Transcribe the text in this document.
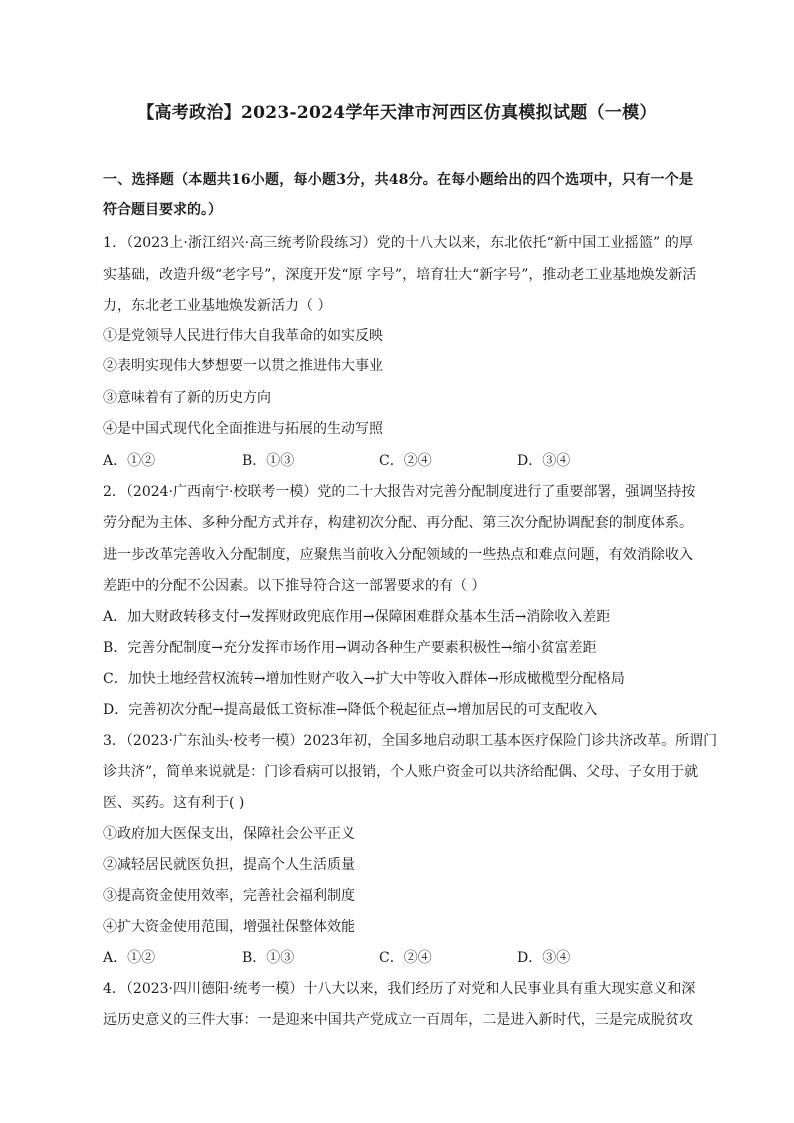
【高考政治】2023-2024学年天津市河西区仿真模拟试题（一模）
一、选择题（本题共16小题，每小题3分，共48分。在每小题给出的四个选项中，只有一个是
符合题目要求的。）
1．（2023上·浙江绍兴·高三统考阶段练习）党的十八大以来，东北依托“新中国工业摇篮” 的厚
实基础，改造升级“老字号”，深度开发“原 字号”，培育壮大“新字号”，推动老工业基地焕发新活
力，东北老工业基地焕发新活力（ ）
①是党领导人民进行伟大自我革命的如实反映
②表明实现伟大梦想要一以贯之推进伟大事业
③意味着有了新的历史方向
④是中国式现代化全面推进与拓展的生动写照
A．①②	B．①③	C．②④	D．③④
2．（2024·广西南宁·校联考一模）党的二十大报告对完善分配制度进行了重要部署，强调坚持按
劳分配为主体、多种分配方式并存，构建初次分配、再分配、第三次分配协调配套的制度体系。
进一步改革完善收入分配制度，应聚焦当前收入分配领域的一些热点和难点问题，有效消除收入
差距中的分配不公因素。以下推导符合这一部署要求的有（ ）
A．加大财政转移支付→发挥财政兜底作用→保障困难群众基本生活→消除收入差距
B．完善分配制度→充分发挥市场作用→调动各种生产要素积极性→缩小贫富差距
C．加快土地经营权流转→增加性财产收入→扩大中等收入群体→形成橄榄型分配格局
D．完善初次分配→提高最低工资标准→降低个税起征点→增加居民的可支配收入
3．（2023·广东汕头·校考一模）2023年初，全国多地启动职工基本医疗保险门诊共济改革。所谓门
诊共济”，简单来说就是：门诊看病可以报销，个人账户资金可以共济给配偶、父母、子女用于就
医、买药。这有利于( )
①政府加大医保支出，保障社会公平正义
②减轻居民就医负担，提高个人生活质量
③提高资金使用效率，完善社会福利制度
④扩大资金使用范围，增强社保整体效能
A．①②	B．①③	C．②④	D．③④
4．（2023·四川德阳·统考一模）十八大以来，我们经历了对党和人民事业具有重大现实意义和深
远历史意义的三件大事：一是迎来中国共产党成立一百周年，二是进入新时代，三是完成脱贫攻
